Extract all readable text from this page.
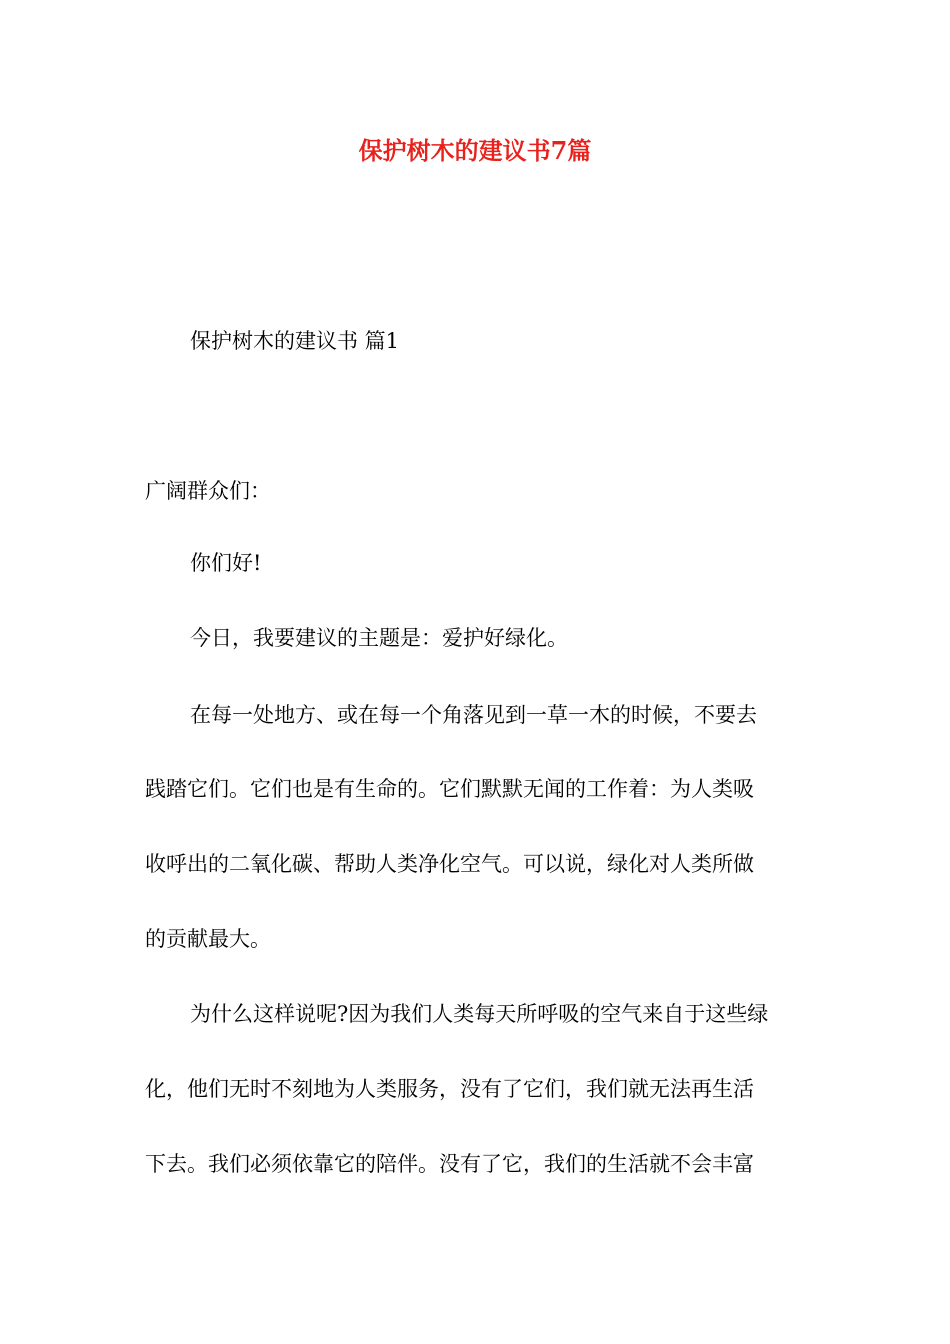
保护树木的建议书7篇

保护树木的建议书 篇1

广阔群众们：

你们好!

今日，我要建议的主题是：爱护好绿化。

在每一处地方、或在每一个角落见到一草一木的时候，不要去

践踏它们。它们也是有生命的。它们默默无闻的工作着：为人类吸

收呼出的二氧化碳、帮助人类净化空气。可以说，绿化对人类所做

的贡献最大。

为什么这样说呢?因为我们人类每天所呼吸的空气来自于这些绿

化，他们无时不刻地为人类服务，没有了它们，我们就无法再生活

下去。我们必须依靠它的陪伴。没有了它，我们的生活就不会丰富
